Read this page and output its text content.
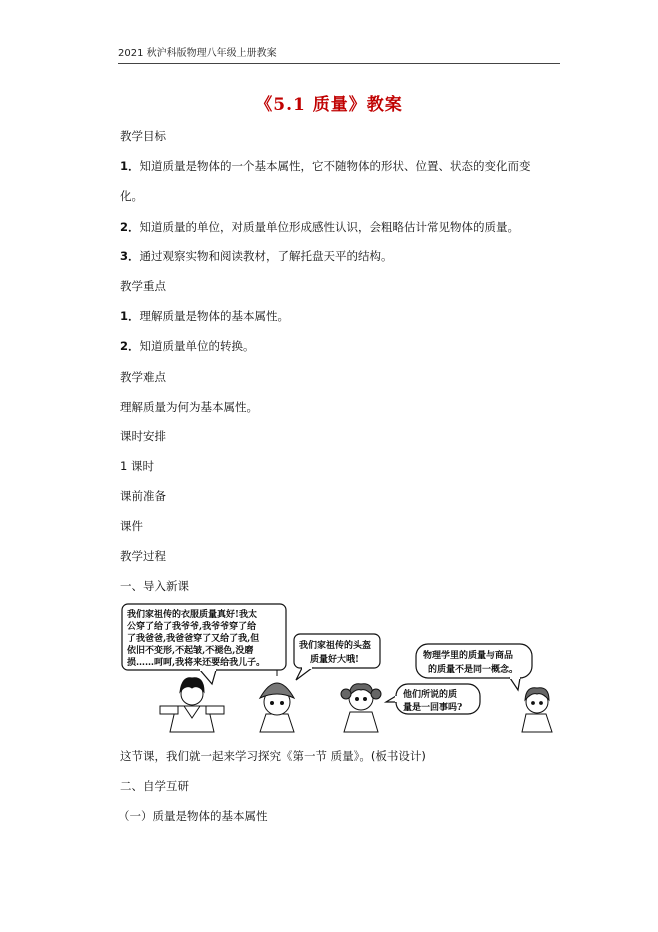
2021 秋沪科版物理八年级上册教案
《5.1 质量》教案
教学目标
1．知道质量是物体的一个基本属性，它不随物体的形状、位置、状态的变化而变
化。
2．知道质量的单位，对质量单位形成感性认识，会粗略估计常见物体的质量。
3．通过观察实物和阅读教材，了解托盘天平的结构。
教学重点
1．理解质量是物体的基本属性。
2．知道质量单位的转换。
教学难点
理解质量为何为基本属性。
课时安排
1 课时
课前准备
课件
教学过程
一、导入新课
我们家祖传的衣服质量真好!我太
公穿了给了我爷爷,我爷爷穿了给
了我爸爸,我爸爸穿了又给了我,但
依旧不变形,不起皱,不褪色,没磨
损……呵呵,我将来还要给我儿子。
我们家祖传的头盔
质量好大哦!	物理学里的质量与商品
的质量不是同一概念。
他们所说的质
量是一回事吗?
这节课，我们就一起来学习探究《第一节 质量》。(板书设计)
二、自学互研
（一）质量是物体的基本属性
